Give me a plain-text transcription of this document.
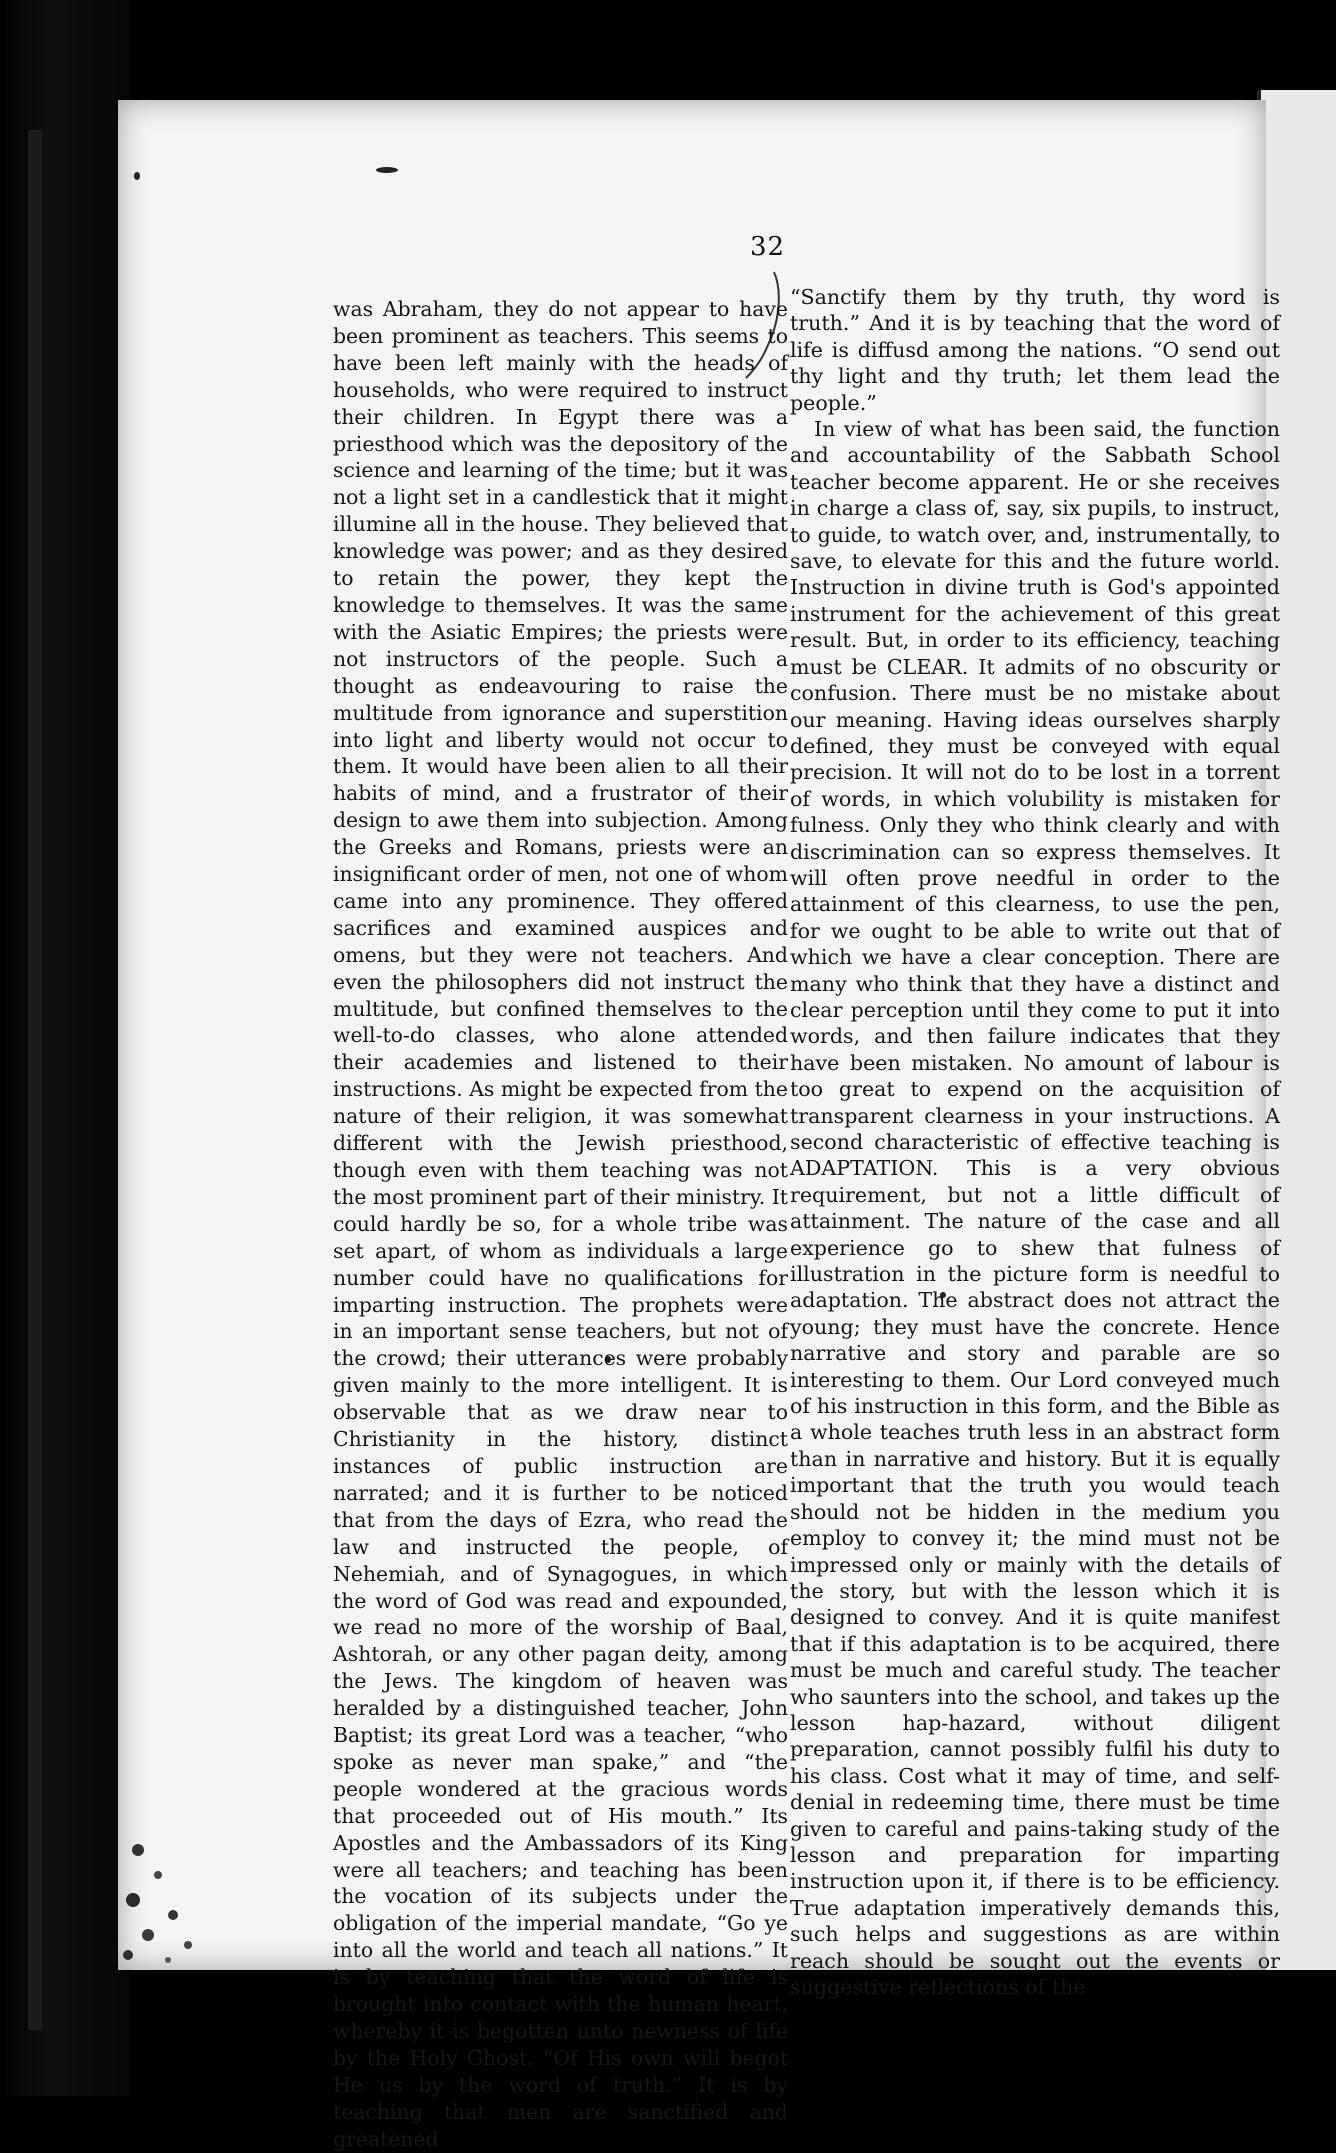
32

was Abraham, they do not appear to have been prominent as teachers. This seems to have been left mainly with the heads of households, who were required to instruct their children. In Egypt there was a priesthood which was the depository of the science and learning of the time; but it was not a light set in a candlestick that it might illumine all in the house. They believed that knowledge was power; and as they desired to retain the power, they kept the knowledge to themselves. It was the same with the Asiatic Empires; the priests were not instructors of the people. Such a thought as endeavouring to raise the multitude from ignorance and superstition into light and liberty would not occur to them. It would have been alien to all their habits of mind, and a frustrator of their design to awe them into subjection. Among the Greeks and Romans, priests were an insignificant order of men, not one of whom came into any prominence. They offered sacrifices and examined auspices and omens, but they were not teachers. And even the philosophers did not instruct the multitude, but confined themselves to the well-to-do classes, who alone attended their academies and listened to their instructions. As might be expected from the nature of their religion, it was somewhat different with the Jewish priesthood, though even with them teaching was not the most prominent part of their ministry. It could hardly be so, for a whole tribe was set apart, of whom as individuals a large number could have no qualifications for imparting instruction. The prophets were in an important sense teachers, but not of the crowd; their utterances were probably given mainly to the more intelligent. It is observable that as we draw near to Christianity in the history, distinct instances of public instruction are narrated; and it is further to be noticed that from the days of Ezra, who read the law and instructed the people, of Nehemiah, and of Synagogues, in which the word of God was read and expounded, we read no more of the worship of Baal, Ashtorah, or any other pagan deity, among the Jews. The kingdom of heaven was heralded by a distinguished teacher, John Baptist; its great Lord was a teacher, “who spoke as never man spake,” and “the people wondered at the gracious words that proceeded out of His mouth.” Its Apostles and the Ambassadors of its King were all teachers; and teaching has been the vocation of its subjects under the obligation of the imperial mandate, “Go ye into all the world and teach all nations.” It is by teaching that the word of life is brought into contact with the human heart, whereby it is begotten unto newness of life by the Holy Ghost. “Of His own will begot He us by the word of truth.” It is by teaching that men are sanctified and greatened

“Sanctify them by thy truth, thy word is truth.” And it is by teaching that the word of life is diffusd among the nations. “O send out thy light and thy truth; let them lead the people.”

In view of what has been said, the function and accountability of the Sabbath School teacher become apparent. He or she receives in charge a class of, say, six pupils, to instruct, to guide, to watch over, and, instrumentally, to save, to elevate for this and the future world. Instruction in divine truth is God's appointed instrument for the achievement of this great result. But, in order to its efficiency, teaching must be CLEAR. It admits of no obscurity or confusion. There must be no mistake about our meaning. Having ideas ourselves sharply defined, they must be conveyed with equal precision. It will not do to be lost in a torrent of words, in which volubility is mistaken for fulness. Only they who think clearly and with discrimination can so express themselves. It will often prove needful in order to the attainment of this clearness, to use the pen, for we ought to be able to write out that of which we have a clear conception. There are many who think that they have a distinct and clear perception until they come to put it into words, and then failure indicates that they have been mistaken. No amount of labour is too great to expend on the acquisition of transparent clearness in your instructions. A second characteristic of effective teaching is ADAPTATION. This is a very obvious requirement, but not a little difficult of attainment. The nature of the case and all experience go to shew that fulness of illustration in the picture form is needful to adaptation. The abstract does not attract the young; they must have the concrete. Hence narrative and story and parable are so interesting to them. Our Lord conveyed much of his instruction in this form, and the Bible as a whole teaches truth less in an abstract form than in narrative and history. But it is equally important that the truth you would teach should not be hidden in the medium you employ to convey it; the mind must not be impressed only or mainly with the details of the story, but with the lesson which it is designed to convey. And it is quite manifest that if this adaptation is to be acquired, there must be much and careful study. The teacher who saunters into the school, and takes up the lesson hap-hazard, without diligent preparation, cannot possibly fulfil his duty to his class. Cost what it may of time, and self-denial in redeeming time, there must be time given to careful and pains-taking study of the lesson and preparation for imparting instruction upon it, if there is to be efficiency. True adaptation imperatively demands this, such helps and suggestions as are within reach should be sought out the events or suggestive reflections of the
